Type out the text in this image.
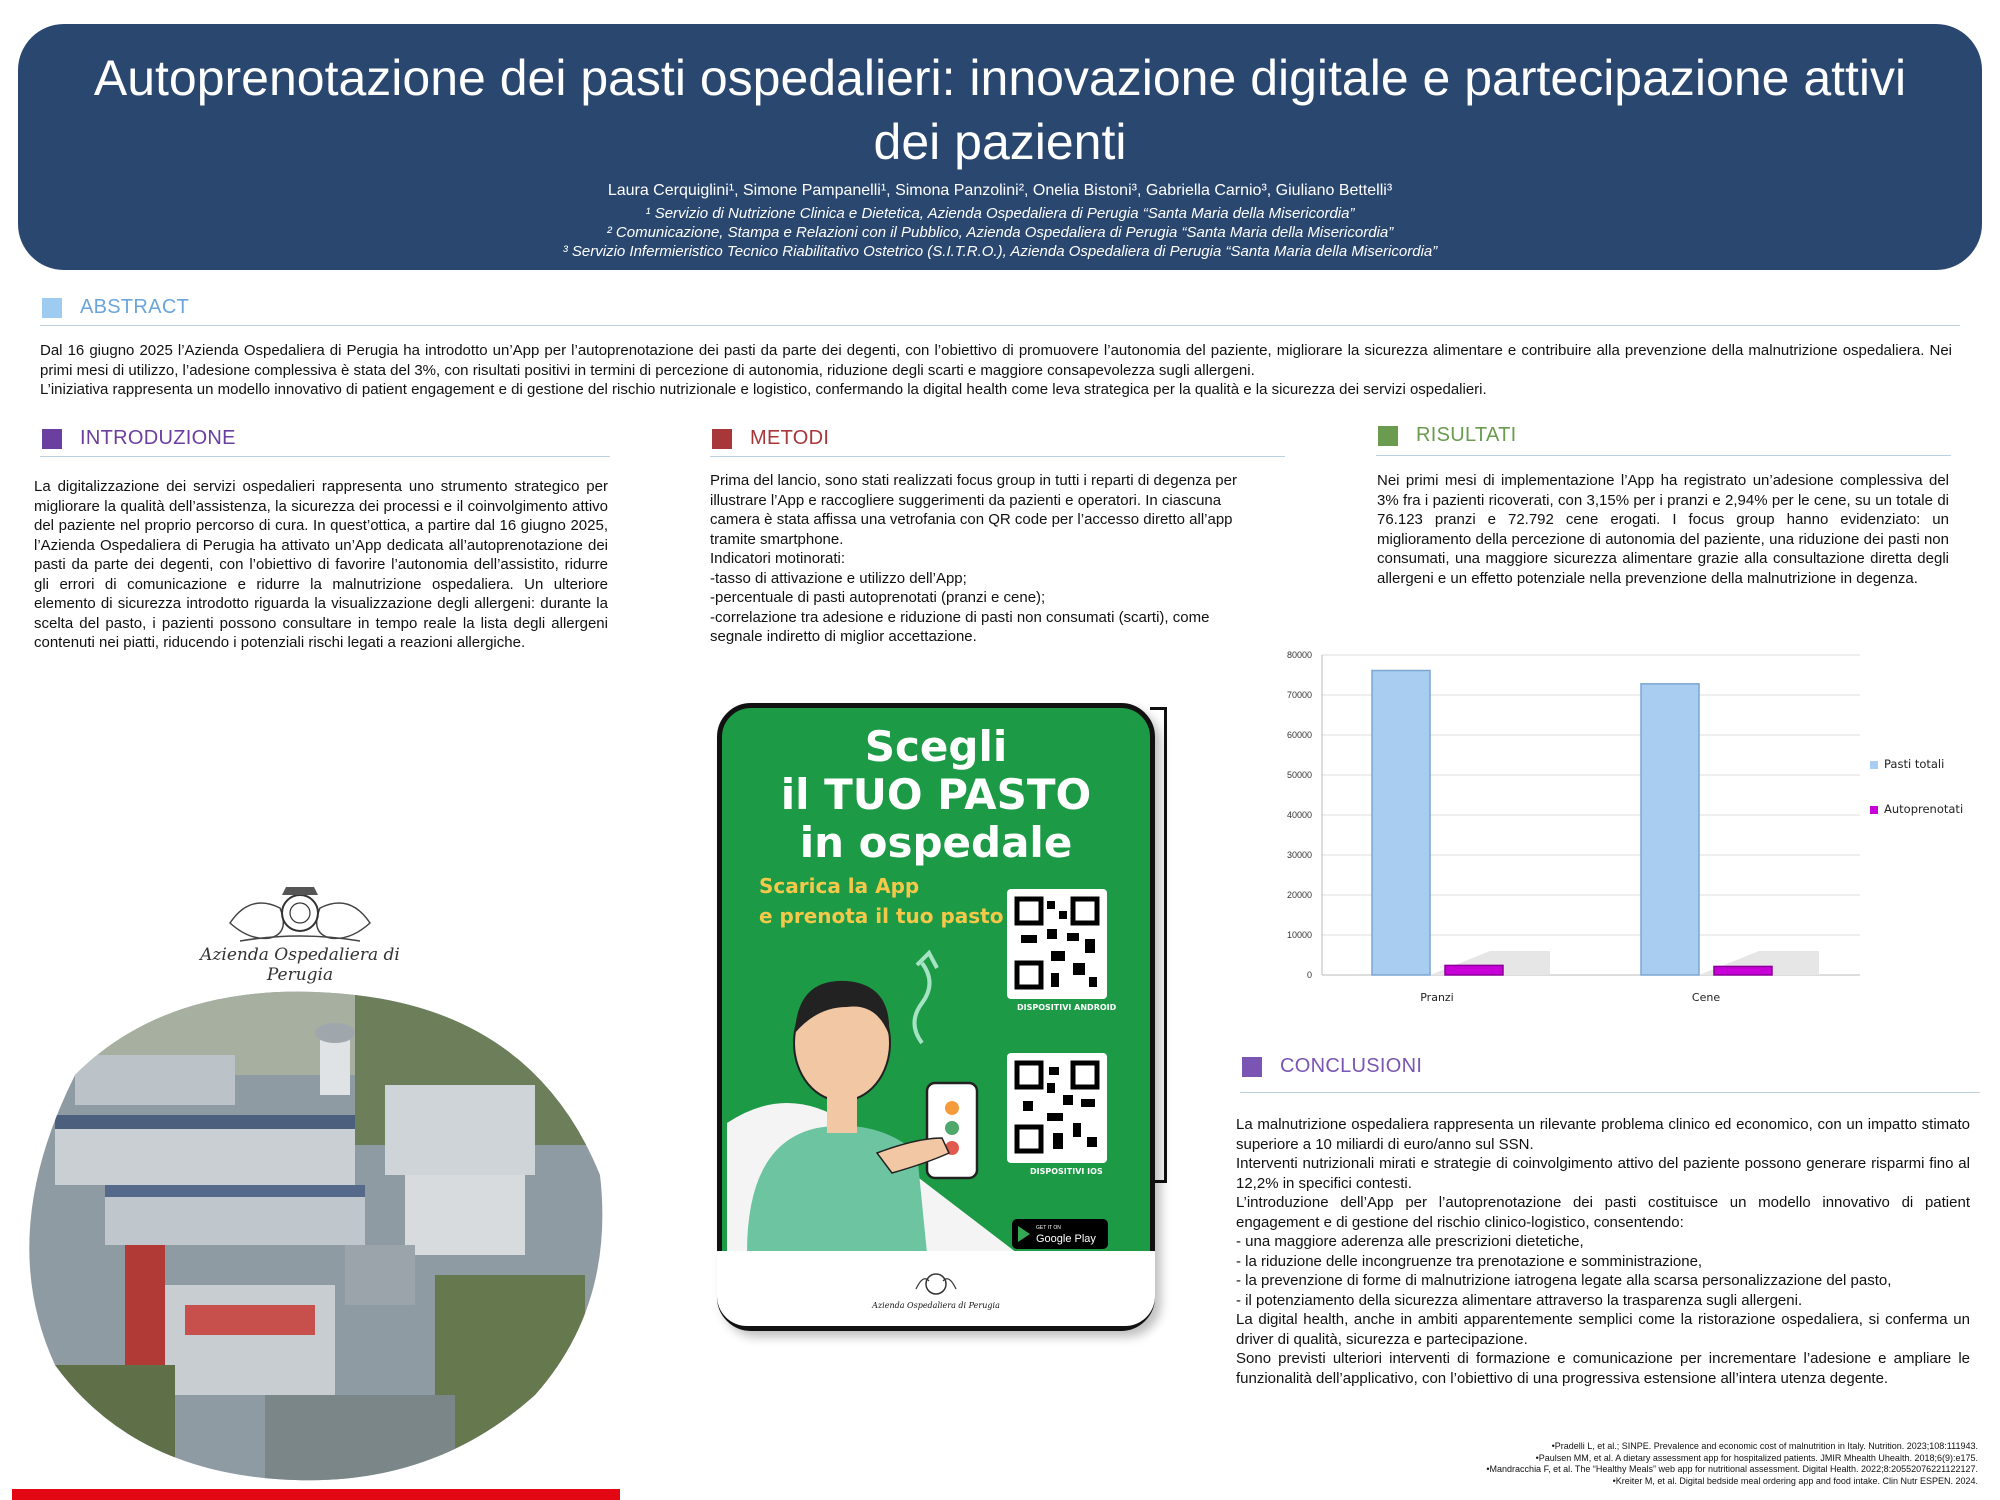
Autoprenotazione dei pasti ospedalieri: innovazione digitale e partecipazione attivi dei pazienti
Laura Cerquiglini¹, Simone Pampanelli¹, Simona Panzolini², Onelia Bistoni³, Gabriella Carnio³, Giuliano Bettelli³
¹ Servizio di Nutrizione Clinica e Dietetica, Azienda Ospedaliera di Perugia “Santa Maria della Misericordia”
² Comunicazione, Stampa e Relazioni con il Pubblico, Azienda Ospedaliera di Perugia “Santa Maria della Misericordia”
³ Servizio Infermieristico Tecnico Riabilitativo Ostetrico (S.I.T.R.O.), Azienda Ospedaliera di Perugia “Santa Maria della Misericordia”
ABSTRACT

Dal 16 giugno 2025 l’Azienda Ospedaliera di Perugia ha introdotto un’App per l’autoprenotazione dei pasti da parte dei degenti, con l’obiettivo di promuovere l’autonomia del paziente, migliorare la sicurezza alimentare e contribuire alla prevenzione della malnutrizione ospedaliera. Nei primi mesi di utilizzo, l’adesione complessiva è stata del 3%, con risultati positivi in termini di percezione di autonomia, riduzione degli scarti e maggiore consapevolezza sugli allergeni.

L’iniziativa rappresenta un modello innovativo di patient engagement e di gestione del rischio nutrizionale e logistico, confermando la digital health come leva strategica per la qualità e la sicurezza dei servizi ospedalieri.

INTRODUZIONE
La digitalizzazione dei servizi ospedalieri rappresenta uno strumento strategico per migliorare la qualità dell’assistenza, la sicurezza dei processi e il coinvolgimento attivo del paziente nel proprio percorso di cura. In quest’ottica, a partire dal 16 giugno 2025, l’Azienda Ospedaliera di Perugia ha attivato un’App dedicata all’autoprenotazione dei pasti da parte dei degenti, con l’obiettivo di favorire l’autonomia dell’assistito, ridurre gli errori di comunicazione e ridurre la malnutrizione ospedaliera. Un ulteriore elemento di sicurezza introdotto riguarda la visualizzazione degli allergeni: durante la scelta del pasto, i pazienti possono consultare in tempo reale la lista degli allergeni contenuti nei piatti, riducendo i potenziali rischi legati a reazioni allergiche.
Azienda Ospedaliera di Perugia
METODI

Prima del lancio, sono stati realizzati focus group in tutti i reparti di degenza per illustrare l’App e raccogliere suggerimenti da pazienti e operatori. In ciascuna camera è stata affissa una vetrofania con QR code per l’accesso diretto all’app tramite smartphone.

Indicatori motinorati:

-tasso di attivazione e utilizzo dell’App;

-percentuale di pasti autoprenotati (pranzi e cene);

-correlazione tra adesione e riduzione di pasti non consumati (scarti), come segnale indiretto di miglior accettazione.

Scegli
il TUO PASTO
in ospedale
Scarica la App
e prenota il tuo pasto
DISPOSITIVI ANDROID
DISPOSITIVI IOS
GET IT ON
Google Play
Azienda Ospedaliera di Perugia
RISULTATI
Nei primi mesi di implementazione l’App ha registrato un’adesione complessiva del 3% fra i pazienti ricoverati, con 3,15% per i pranzi e 2,94% per le cene, su un totale di 76.123 pranzi e 72.792 cene erogati. I focus group hanno evidenziato: un miglioramento della percezione di autonomia del paziente, una riduzione dei pasti non consumati, una maggiore sicurezza alimentare grazie alla consultazione diretta degli allergeni e un effetto potenziale nella prevenzione della malnutrizione in degenza.
0
10000
20000
30000
40000
50000
60000
70000
80000
Pranzi	Cene
Pasti totali
Autoprenotati
CONCLUSIONI

La malnutrizione ospedaliera rappresenta un rilevante problema clinico ed economico, con un impatto stimato superiore a 10 miliardi di euro/anno sul SSN.

Interventi nutrizionali mirati e strategie di coinvolgimento attivo del paziente possono generare risparmi fino al 12,2% in specifici contesti.

L’introduzione dell’App per l’autoprenotazione dei pasti costituisce un modello innovativo di patient engagement e di gestione del rischio clinico-logistico, consentendo:

- una maggiore aderenza alle prescrizioni dietetiche,

- la riduzione delle incongruenze tra prenotazione e somministrazione,

- la prevenzione di forme di malnutrizione iatrogena legate alla scarsa personalizzazione del pasto,

- il potenziamento della sicurezza alimentare attraverso la trasparenza sugli allergeni.

La digital health, anche in ambiti apparentemente semplici come la ristorazione ospedaliera, si conferma un driver di qualità, sicurezza e partecipazione.

Sono previsti ulteriori interventi di formazione e comunicazione per incrementare l’adesione e ampliare le funzionalità dell’applicativo, con l’obiettivo di una progressiva estensione all’intera utenza degente.

•Pradelli L, et al.; SINPE. Prevalence and economic cost of malnutrition in Italy. Nutrition. 2023;108:111943.
•Paulsen MM, et al. A dietary assessment app for hospitalized patients. JMIR Mhealth Uhealth. 2018;6(9):e175.
•Mandracchia F, et al. The “Healthy Meals” web app for nutritional assessment. Digital Health. 2022;8:20552076221122127.
•Kreiter M, et al. Digital bedside meal ordering app and food intake. Clin Nutr ESPEN. 2024.
